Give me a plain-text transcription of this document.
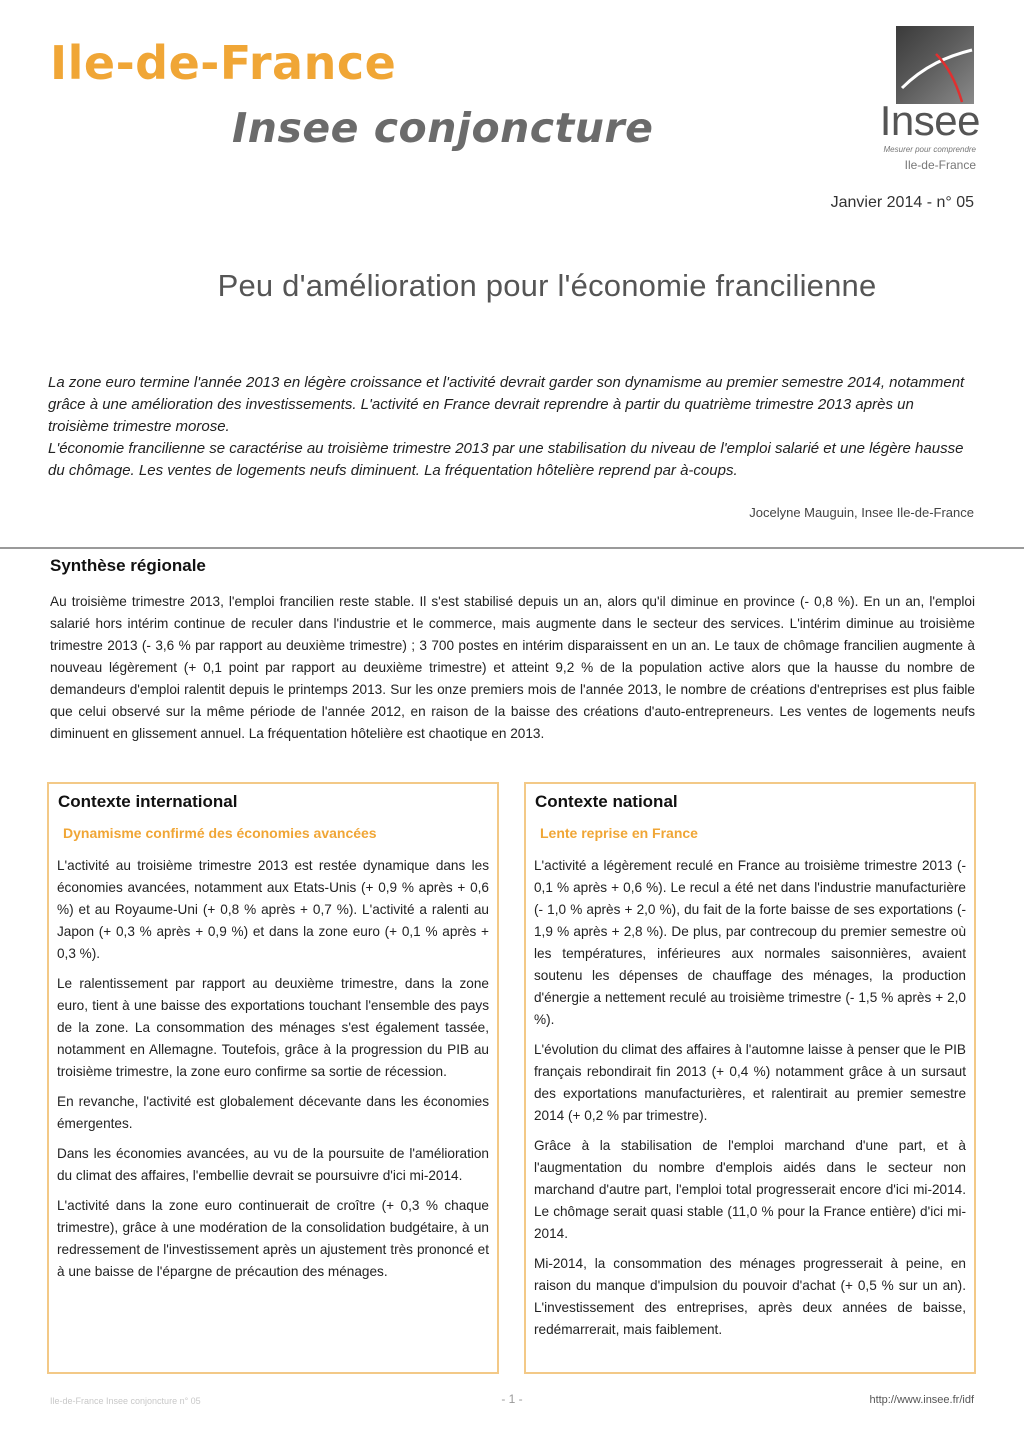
Ile-de-France
Insee conjoncture	Insee
Mesurer pour comprendre
Ile-de-France
Janvier 2014 - n° 05
Peu d'amélioration pour l'économie francilienne

La zone euro termine l'année 2013 en légère croissance et l'activité devrait garder son dynamisme au premier semestre 2014, notamment grâce à une amélioration des investissements. L'activité en France devrait reprendre à partir du quatrième trimestre 2013 après un troisième trimestre morose.

L'économie francilienne se caractérise au troisième trimestre 2013 par une stabilisation du niveau de l'emploi salarié et une légère hausse du chômage. Les ventes de logements neufs diminuent. La fréquentation hôtelière reprend par à-coups.

Jocelyne Mauguin, Insee Ile-de-France
Synthèse régionale

Au troisième trimestre 2013, l'emploi francilien reste stable. Il s'est stabilisé depuis un an, alors qu'il diminue en province (- 0,8 %). En un an, l'emploi salarié hors intérim continue de reculer dans l'industrie et le commerce, mais augmente dans le secteur des services. L'intérim diminue au troisième trimestre 2013 (- 3,6 % par rapport au deuxième trimestre) ; 3 700 postes en intérim disparaissent en un an. Le taux de chômage francilien augmente à nouveau légèrement (+ 0,1 point par rapport au deuxième trimestre) et atteint 9,2 % de la population active alors que la hausse du nombre de demandeurs d'emploi ralentit depuis le printemps 2013. Sur les onze premiers mois de l'année 2013, le nombre de créations d'entreprises est plus faible que celui observé sur la même période de l'année 2012, en raison de la baisse des créations d'auto-entrepreneurs. Les ventes de logements neufs diminuent en glissement annuel. La fréquentation hôtelière est chaotique en 2013.

Contexte international
Dynamisme confirmé des économies avancées

L'activité au troisième trimestre 2013 est restée dynamique dans les économies avancées, notamment aux Etats-Unis (+ 0,9 % après + 0,6 %) et au Royaume-Uni (+ 0,8 % après + 0,7 %). L'activité a ralenti au Japon (+ 0,3 % après + 0,9 %) et dans la zone euro (+ 0,1 % après + 0,3 %).

Le ralentissement par rapport au deuxième trimestre, dans la zone euro, tient à une baisse des exportations touchant l'ensemble des pays de la zone. La consommation des ménages s'est également tassée, notamment en Allemagne. Toutefois, grâce à la progression du PIB au troisième trimestre, la zone euro confirme sa sortie de récession.

En revanche, l'activité est globalement décevante dans les économies émergentes.

Dans les économies avancées, au vu de la poursuite de l'amélioration du climat des affaires, l'embellie devrait se poursuivre d'ici mi-2014.

L'activité dans la zone euro continuerait de croître (+ 0,3 % chaque trimestre), grâce à une modération de la consolidation budgétaire, à un redressement de l'investissement après un ajustement très prononcé et à une baisse de l'épargne de précaution des ménages.

Contexte national
Lente reprise en France

L'activité a légèrement reculé en France au troisième trimestre 2013 (- 0,1 % après + 0,6 %). Le recul a été net dans l'industrie manufacturière (- 1,0 % après + 2,0 %), du fait de la forte baisse de ses exportations (- 1,9 % après + 2,8 %). De plus, par contrecoup du premier semestre où les températures, inférieures aux normales saisonnières, avaient soutenu les dépenses de chauffage des ménages, la production d'énergie a nettement reculé au troisième trimestre (- 1,5 % après + 2,0 %).

L'évolution du climat des affaires à l'automne laisse à penser que le PIB français rebondirait fin 2013 (+ 0,4 %) notamment grâce à un sursaut des exportations manufacturières, et ralentirait au premier semestre 2014 (+ 0,2 % par trimestre).

Grâce à la stabilisation de l'emploi marchand d'une part, et à l'augmentation du nombre d'emplois aidés dans le secteur non marchand d'autre part, l'emploi total progresserait encore d'ici mi-2014. Le chômage serait quasi stable (11,0 % pour la France entière) d'ici mi-2014.

Mi-2014, la consommation des ménages progresserait à peine, en raison du manque d'impulsion du pouvoir d'achat (+ 0,5 % sur un an). L'investissement des entreprises, après deux années de baisse, redémarrerait, mais faiblement.

Ile-de-France Insee conjoncture n° 05	- 1 -	http://www.insee.fr/idf
